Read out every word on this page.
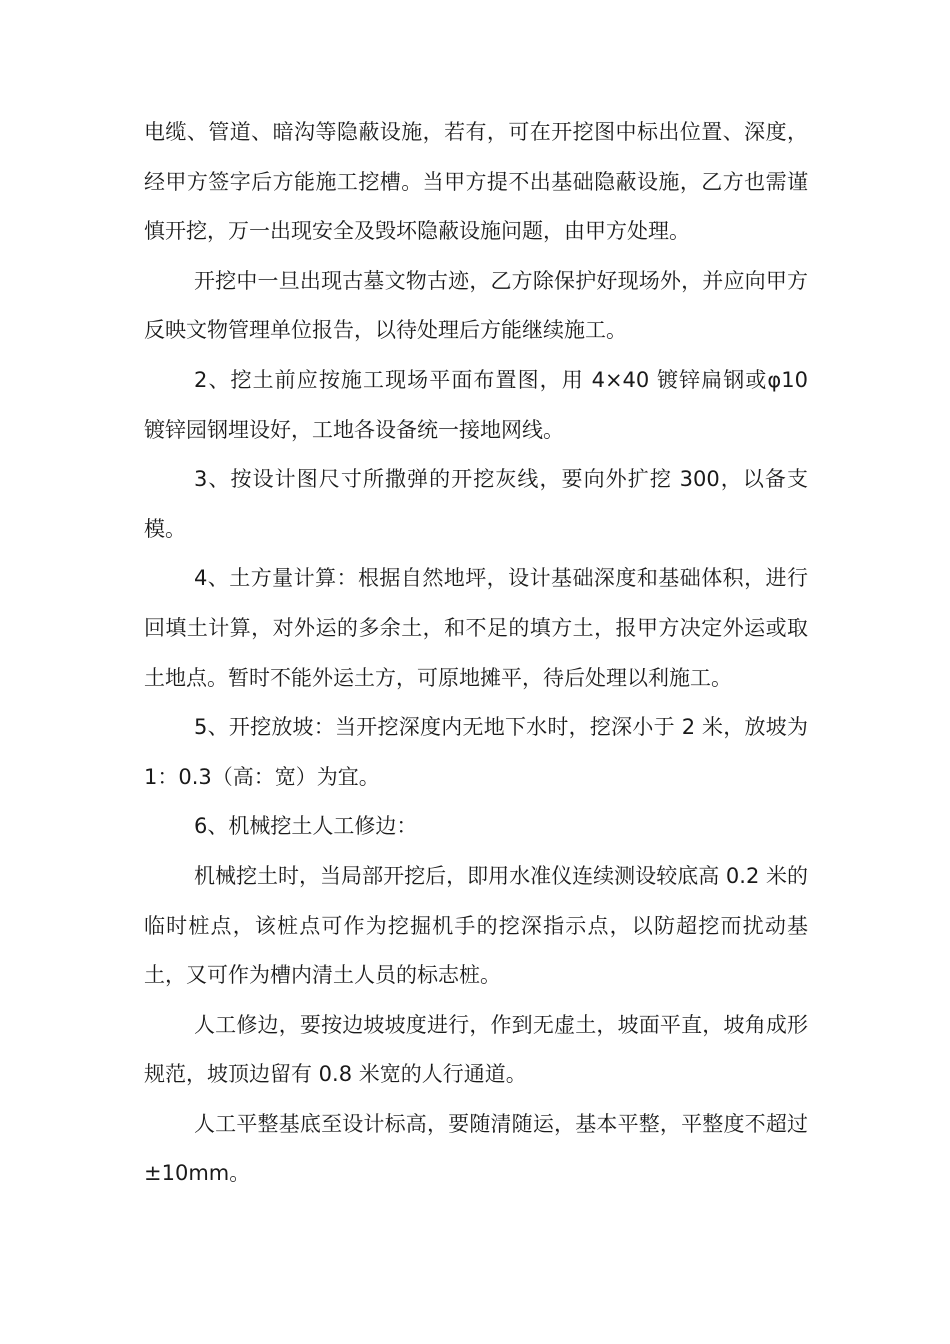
电缆、管道、暗沟等隐蔽设施，若有，可在开挖图中标出位置、深度，经甲方签字后方能施工挖槽。当甲方提不出基础隐蔽设施，乙方也需谨慎开挖，万一出现安全及毁坏隐蔽设施问题，由甲方处理。

开挖中一旦出现古墓文物古迹，乙方除保护好现场外，并应向甲方反映文物管理单位报告，以待处理后方能继续施工。

2、挖土前应按施工现场平面布置图，用 4×40 镀锌扁钢或φ10 镀锌园钢埋设好，工地各设备统一接地网线。

3、按设计图尺寸所撒弹的开挖灰线，要向外扩挖 300，以备支模。

4、土方量计算：根据自然地坪，设计基础深度和基础体积，进行回填土计算，对外运的多余土，和不足的填方土，报甲方决定外运或取土地点。暂时不能外运土方，可原地摊平，待后处理以利施工。

5、开挖放坡：当开挖深度内无地下水时，挖深小于 2 米，放坡为 1：0.3（高：宽）为宜。

6、机械挖土人工修边：

机械挖土时，当局部开挖后，即用水准仪连续测设较底高 0.2 米的临时桩点，该桩点可作为挖掘机手的挖深指示点，以防超挖而扰动基土，又可作为槽内清土人员的标志桩。

人工修边，要按边坡坡度进行，作到无虚土，坡面平直，坡角成形规范，坡顶边留有 0.8 米宽的人行通道。

人工平整基底至设计标高，要随清随运，基本平整，平整度不超过±10mm。
